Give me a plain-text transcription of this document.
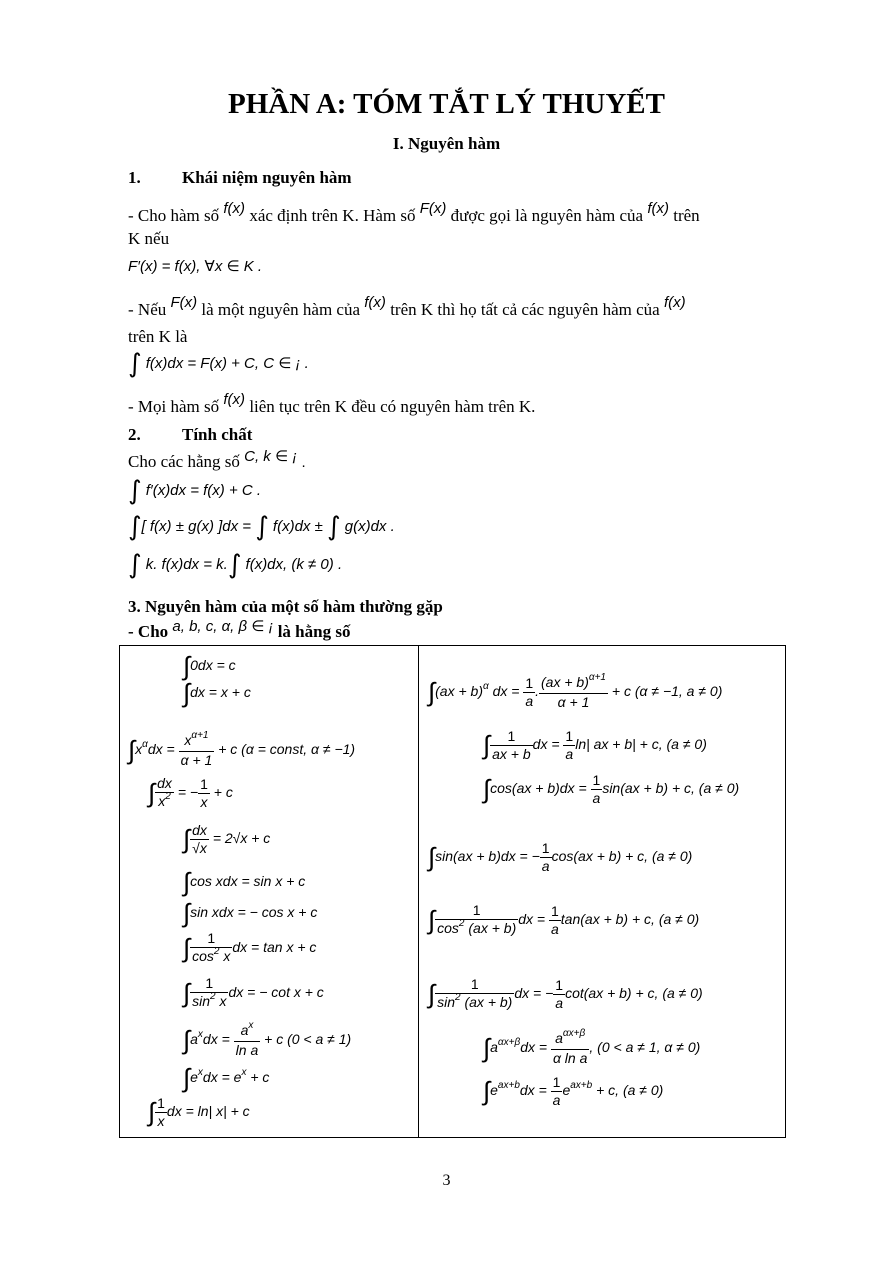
PHẦN A: TÓM TẮT LÝ THUYẾT
I. Nguyên hàm
1. Khái niệm nguyên hàm
- Cho hàm số f(x) xác định trên K. Hàm số F(x) được gọi là nguyên hàm của f(x) trên
K nếu
F′(x) = f(x), ∀x ∈ K .
- Nếu F(x) là một nguyên hàm của f(x) trên K thì họ tất cả các nguyên hàm của f(x)
trên K là
∫ f(x)dx = F(x) + C, C ∈ ¡ .
- Mọi hàm số f(x) liên tục trên K đều có nguyên hàm trên K.
2. Tính chất
Cho các hằng số C, k ∈ ¡ .
∫ f′(x)dx = f(x) + C .
∫[ f(x) ± g(x) ]dx = ∫ f(x)dx ± ∫ g(x)dx .
∫ k. f(x)dx = k.∫ f(x)dx, (k ≠ 0) .
3. Nguyên hàm của một số hàm thường gặp
- Cho a, b, c, α, β ∈ ¡ là hằng số
∫0dx = c
∫dx = x + c
$\int x^\alpha dx = \frac{x^{\alpha+1}}{\alpha + 1} + c$ (α = const, α ≠ −1)
∫ $\frac{dx}{x^2}$ = − $\frac{1}{x} + c$
∫ $\frac{dx}{√x} = 2√x + c$
∫cos xdx = sin x + c
∫sin xdx = − cos x + c
∫ $\frac{1}{\cos^2 x}$ dx = tan x + c
∫ $\frac{1}{\sin^2 x}$ dx = − cot x + c
$\int a^xdx = \frac{a^x}{\text{ln a}} + c$ (0 < a ≠ 1)
$\int e^xdx = e^x + c$
∫ $\frac{1}{x}$ dx = ln| x| + c
∫(ax + b)$^\alpha$ dx = $\frac{1}{a}$ . $\frac{(ax + b)^{\alpha+1}}{\alpha + 1} + c$ (α ≠ −1, a ≠ 0)
∫ $\frac{1}{ax + b}$ dx = $\frac{1}{a} \ln|$ ax + b| + c, (a ≠ 0)
$\int\cos(ax + b)dx = \frac{1}{a} \sin(ax + b) + c$, (a ≠ 0)
∫sin(ax + b)dx = − $\frac{1}{a} \cos(ax + b) + c$, (a ≠ 0)
∫ $\frac{1}{\cos^2 (ax + b)}$ dx = $\frac{1}{a} \tan(ax + b) + c$, (a ≠ 0)
∫ $\frac{1}{\sin^2 (ax + b)}$ dx = − $\frac{1}{a} \cot(ax + b) + c$, (a ≠ 0)
$\int a^{\alpha x+\beta}dx = \frac{a^{\alpha x+\beta}}{\text{α ln a}}$ , (0 < a ≠ 1, α ≠ 0)
$\int e^{ax+b}dx = \frac{1}{a} e^{ax+b} + c$, (a ≠ 0)
3
